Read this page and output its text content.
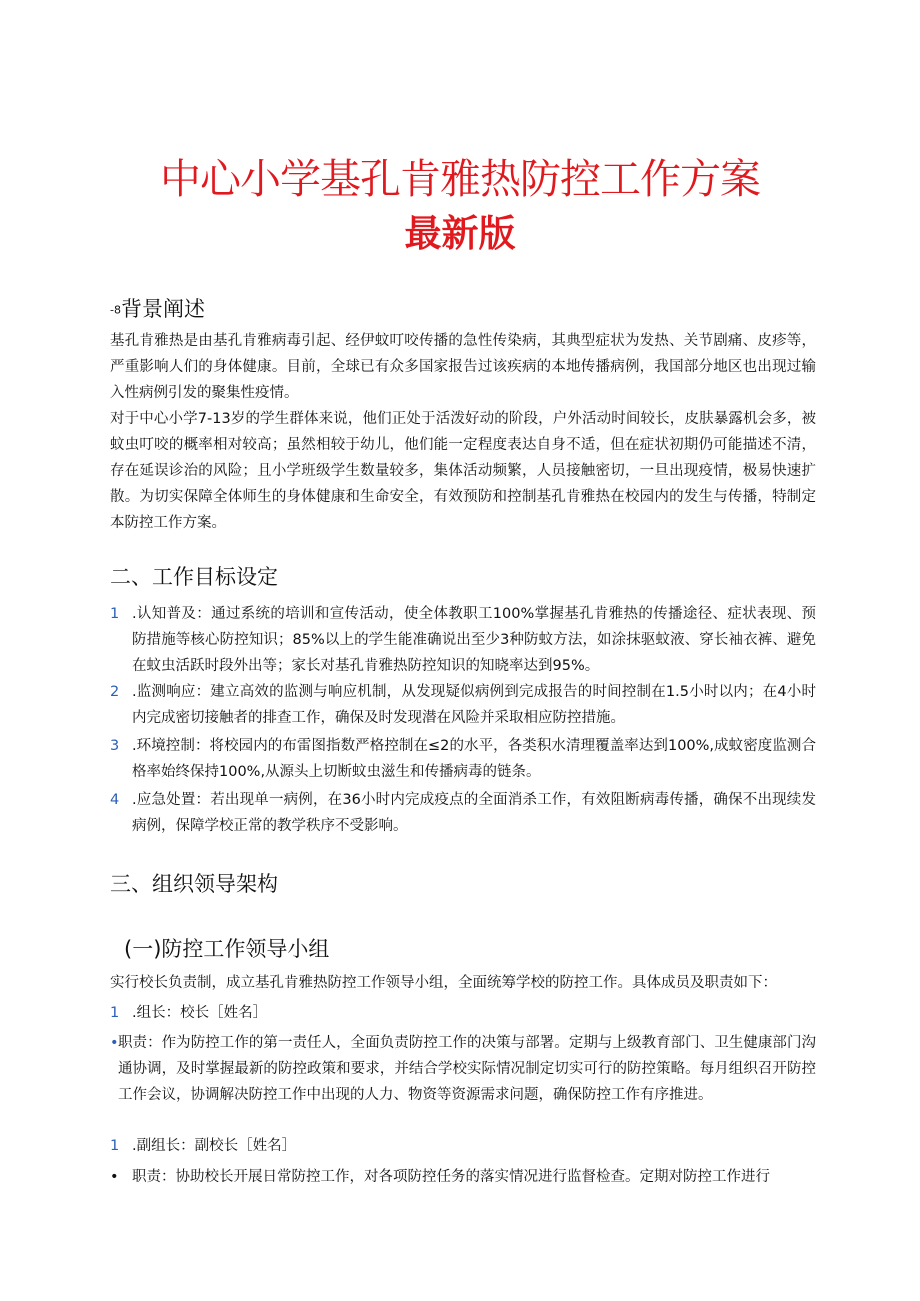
中心小学基孔肯雅热防控工作方案
最新版
-8背景阐述

基孔肯雅热是由基孔肯雅病毒引起、经伊蚊叮咬传播的急性传染病，其典型症状为发热、关节剧痛、皮疹等，严重影响人们的身体健康。目前，全球已有众多国家报告过该疾病的本地传播病例，我国部分地区也出现过输入性病例引发的聚集性疫情。

对于中心小学7-13岁的学生群体来说，他们正处于活泼好动的阶段，户外活动时间较长，皮肤暴露机会多，被蚊虫叮咬的概率相对较高；虽然相较于幼儿，他们能一定程度表达自身不适，但在症状初期仍可能描述不清，存在延误诊治的风险；且小学班级学生数量较多，集体活动频繁，人员接触密切，一旦出现疫情，极易快速扩散。为切实保障全体师生的身体健康和生命安全，有效预防和控制基孔肯雅热在校园内的发生与传播，特制定本防控工作方案。

二、工作目标设定
1 .认知普及：通过系统的培训和宣传活动，使全体教职工100%掌握基孔肯雅热的传播途径、症状表现、预防措施等核心防控知识；85%以上的学生能准确说出至少3种防蚊方法，如涂抹驱蚊液、穿长袖衣裤、避免在蚊虫活跃时段外出等；家长对基孔肯雅热防控知识的知晓率达到95%。
2 .监测响应：建立高效的监测与响应机制，从发现疑似病例到完成报告的时间控制在1.5小时以内；在4小时内完成密切接触者的排查工作，确保及时发现潜在风险并采取相应防控措施。
3 .环境控制：将校园内的布雷图指数严格控制在≤2的水平，各类积水清理覆盖率达到100%,成蚊密度监测合格率始终保持100%,从源头上切断蚊虫滋生和传播病毒的链条。
4 .应急处置：若出现单一病例，在36小时内完成疫点的全面消杀工作，有效阻断病毒传播，确保不出现续发病例，保障学校正常的教学秩序不受影响。
三、组织领导架构
(一)防控工作领导小组

实行校长负责制，成立基孔肯雅热防控工作领导小组，全面统筹学校的防控工作。具体成员及职责如下：

1 .组长：校长［姓名］
• 职责：作为防控工作的第一责任人，全面负责防控工作的决策与部署。定期与上级教育部门、卫生健康部门沟通协调，及时掌握最新的防控政策和要求，并结合学校实际情况制定切实可行的防控策略。每月组织召开防控工作会议，协调解决防控工作中出现的人力、物资等资源需求问题，确保防控工作有序推进。
1 .副组长：副校长［姓名］
• 职责：协助校长开展日常防控工作，对各项防控任务的落实情况进行监督检查。定期对防控工作进行
